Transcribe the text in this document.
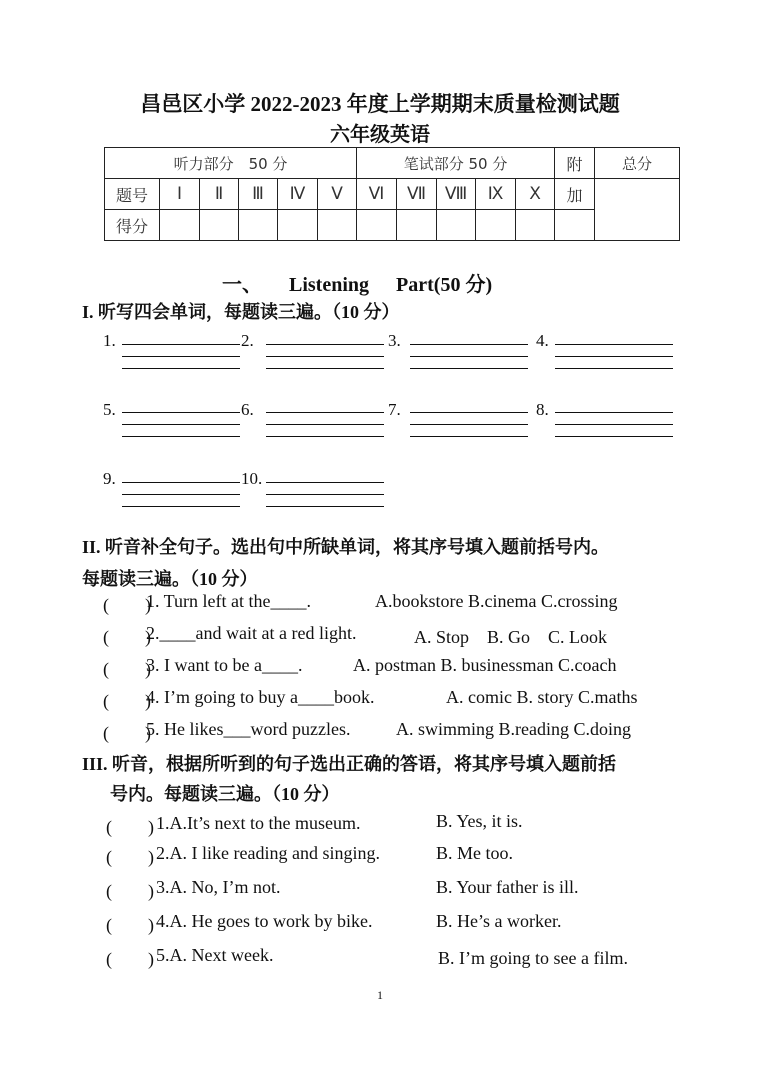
昌邑区小学 2022-2023 年度上学期期末质量检测试题
六年级英语
听力部分　50 分						笔试部分 50 分					附	总分
题号	Ⅰ	Ⅱ	Ⅲ	Ⅳ	Ⅴ	Ⅵ	Ⅶ	Ⅷ	Ⅸ	Ⅹ	加	
得分												
一、 Listening Part(50 分)
I. 听写四会单词，每题读三遍。（10 分）
1.	2.	3.	4.
5.	6.	7.	8.
9.	10.
II. 听音补全句子。选出句中所缺单词，将其序号填入题前括号内。
每题读三遍。（10 分）
(　　)
1. Turn left at the____.	A.bookstore B.cinema C.crossing
(　　)
2.____and wait at a red light.	A. Stop　B. Go　C. Look
(　　)
3. I want to be a____.	A. postman B. businessman C.coach
(　　)
4. I’m going to buy a____book.	A. comic B. story C.maths
(　　)
5. He likes___word puzzles.	A. swimming B.reading C.doing
III. 听音，根据所听到的句子选出正确的答语，将其序号填入题前括
号内。每题读三遍。（10 分）
(　　) 1.A.It’s next to the museum.	B. Yes, it is.
(　　) 2.A. I like reading and singing.	B. Me too.
(　　) 3.A. No, I’m not.	B. Your father is ill.
(　　) 4.A. He goes to work by bike.	B. He’s a worker.
(　　) 5.A. Next week.	B. I’m going to see a film.
1
